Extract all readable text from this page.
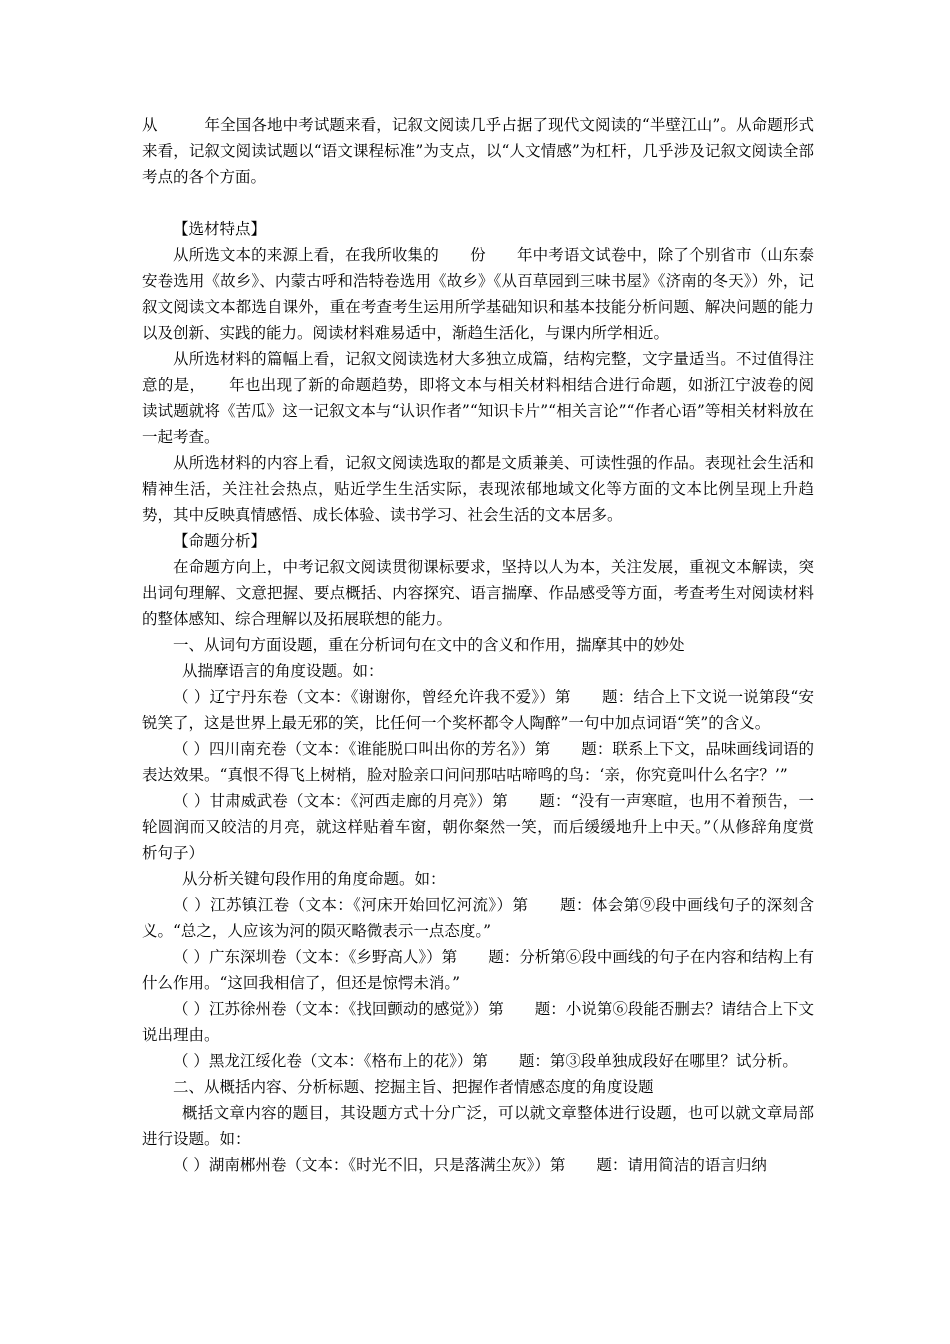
从　　　年全国各地中考试题来看，记叙文阅读几乎占据了现代文阅读的“半壁江山”。从命题形式来看，记叙文阅读试题以“语文课程标准”为支点，以“人文情感”为杠杆，几乎涉及记叙文阅读全部考点的各个方面。

【选材特点】

从所选文本的来源上看，在我所收集的　　份　　年中考语文试卷中，除了个别省市（山东泰安卷选用《故乡》、内蒙古呼和浩特卷选用《故乡》《从百草园到三味书屋》《济南的冬天》）外，记叙文阅读文本都选自课外，重在考查考生运用所学基础知识和基本技能分析问题、解决问题的能力以及创新、实践的能力。阅读材料难易适中，渐趋生活化，与课内所学相近。

从所选材料的篇幅上看，记叙文阅读选材大多独立成篇，结构完整，文字量适当。不过值得注意的是，　　年也出现了新的命题趋势，即将文本与相关材料相结合进行命题，如浙江宁波卷的阅读试题就将《苦瓜》这一记叙文本与“认识作者”“知识卡片”“相关言论”“作者心语”等相关材料放在一起考查。

从所选材料的内容上看，记叙文阅读选取的都是文质兼美、可读性强的作品。表现社会生活和精神生活，关注社会热点，贴近学生生活实际，表现浓郁地域文化等方面的文本比例呈现上升趋势，其中反映真情感悟、成长体验、读书学习、社会生活的文本居多。

【命题分析】

在命题方向上，中考记叙文阅读贯彻课标要求，坚持以人为本，关注发展，重视文本解读，突出词句理解、文意把握、要点概括、内容探究、语言揣摩、作品感受等方面，考查考生对阅读材料的整体感知、综合理解以及拓展联想的能力。

一、从词句方面设题，重在分析词句在文中的含义和作用，揣摩其中的妙处

从揣摩语言的角度设题。如：

（ ）辽宁丹东卷（文本：《谢谢你，曾经允许我不爱》）第　　题：结合上下文说一说第段“安锐笑了，这是世界上最无邪的笑，比任何一个奖杯都令人陶醉”一句中加点词语“笑”的含义。

（ ）四川南充卷（文本：《谁能脱口叫出你的芳名》）第　　题：联系上下文，品味画线词语的表达效果。“真恨不得飞上树梢，脸对脸亲口问问那咕咕啼鸣的鸟：‘亲，你究竟叫什么名字？’”

（ ）甘肃威武卷（文本：《河西走廊的月亮》）第　　题：“没有一声寒暄，也用不着预告，一轮圆润而又皎洁的月亮，就这样贴着车窗，朝你粲然一笑，而后缓缓地升上中天。”（从修辞角度赏析句子）

从分析关键句段作用的角度命题。如：

（ ）江苏镇江卷（文本：《河床开始回忆河流》）第　　题：体会第⑨段中画线句子的深刻含义。“总之，人应该为河的陨灭略微表示一点态度。”

（ ）广东深圳卷（文本：《乡野高人》）第　　题：分析第⑥段中画线的句子在内容和结构上有什么作用。“这回我相信了，但还是惊愕未消。”

（ ）江苏徐州卷（文本：《找回颤动的感觉》）第　　题：小说第⑥段能否删去？请结合上下文说出理由。

（ ）黑龙江绥化卷（文本：《格布上的花》）第　　题：第③段单独成段好在哪里？试分析。

二、从概括内容、分析标题、挖掘主旨、把握作者情感态度的角度设题

概括文章内容的题目，其设题方式十分广泛，可以就文章整体进行设题，也可以就文章局部进行设题。如：

（ ）湖南郴州卷（文本：《时光不旧，只是落满尘灰》）第　　题：请用简洁的语言归纳
